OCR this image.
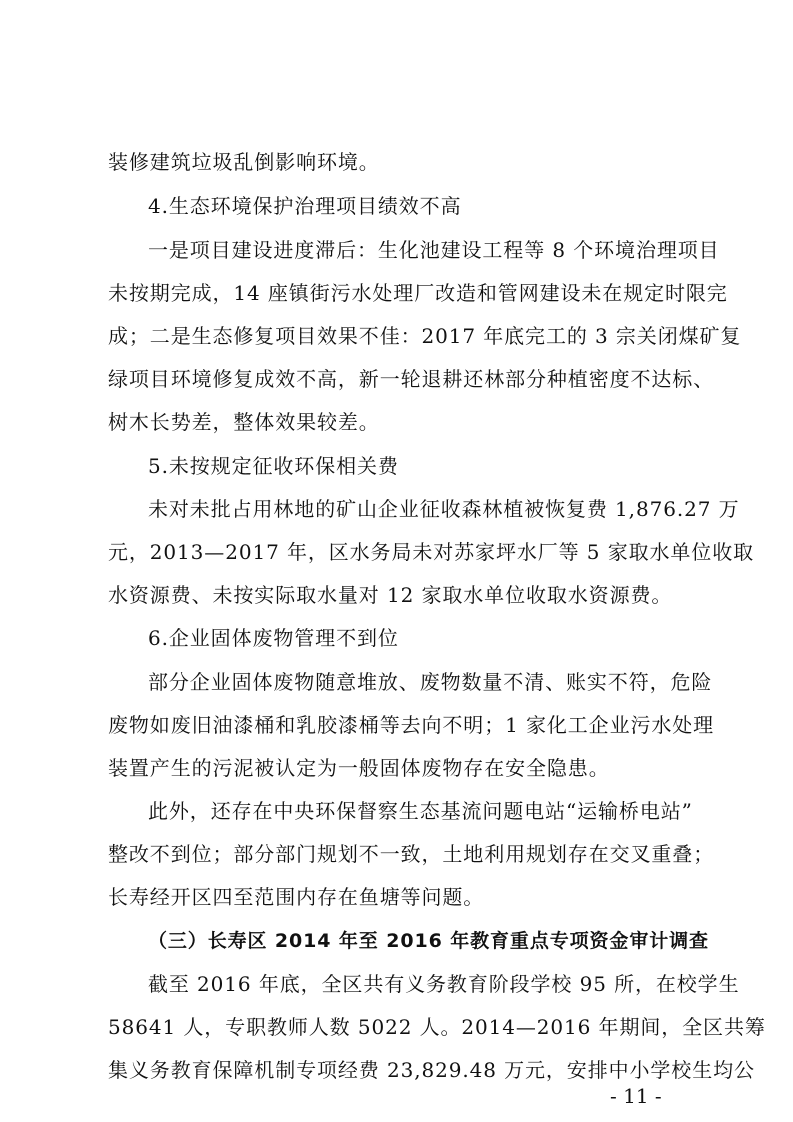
装修建筑垃圾乱倒影响环境。
4.生态环境保护治理项目绩效不高
一是项目建设进度滞后：生化池建设工程等 8 个环境治理项目
未按期完成，14 座镇街污水处理厂改造和管网建设未在规定时限完
成；二是生态修复项目效果不佳：2017 年底完工的 3 宗关闭煤矿复
绿项目环境修复成效不高，新一轮退耕还林部分种植密度不达标、
树木长势差，整体效果较差。
5.未按规定征收环保相关费
未对未批占用林地的矿山企业征收森林植被恢复费 1,876.27 万
元，2013—2017 年，区水务局未对苏家坪水厂等 5 家取水单位收取
水资源费、未按实际取水量对 12 家取水单位收取水资源费。
6.企业固体废物管理不到位
部分企业固体废物随意堆放、废物数量不清、账实不符，危险
废物如废旧油漆桶和乳胶漆桶等去向不明；1 家化工企业污水处理
装置产生的污泥被认定为一般固体废物存在安全隐患。
此外，还存在中央环保督察生态基流问题电站“运输桥电站”
整改不到位；部分部门规划不一致，土地利用规划存在交叉重叠；
长寿经开区四至范围内存在鱼塘等问题。
（三）长寿区 2014 年至 2016 年教育重点专项资金审计调查
截至 2016 年底，全区共有义务教育阶段学校 95 所，在校学生
58641 人，专职教师人数 5022 人。2014—2016 年期间，全区共筹
集义务教育保障机制专项经费 23,829.48 万元，安排中小学校生均公
- 11 -
